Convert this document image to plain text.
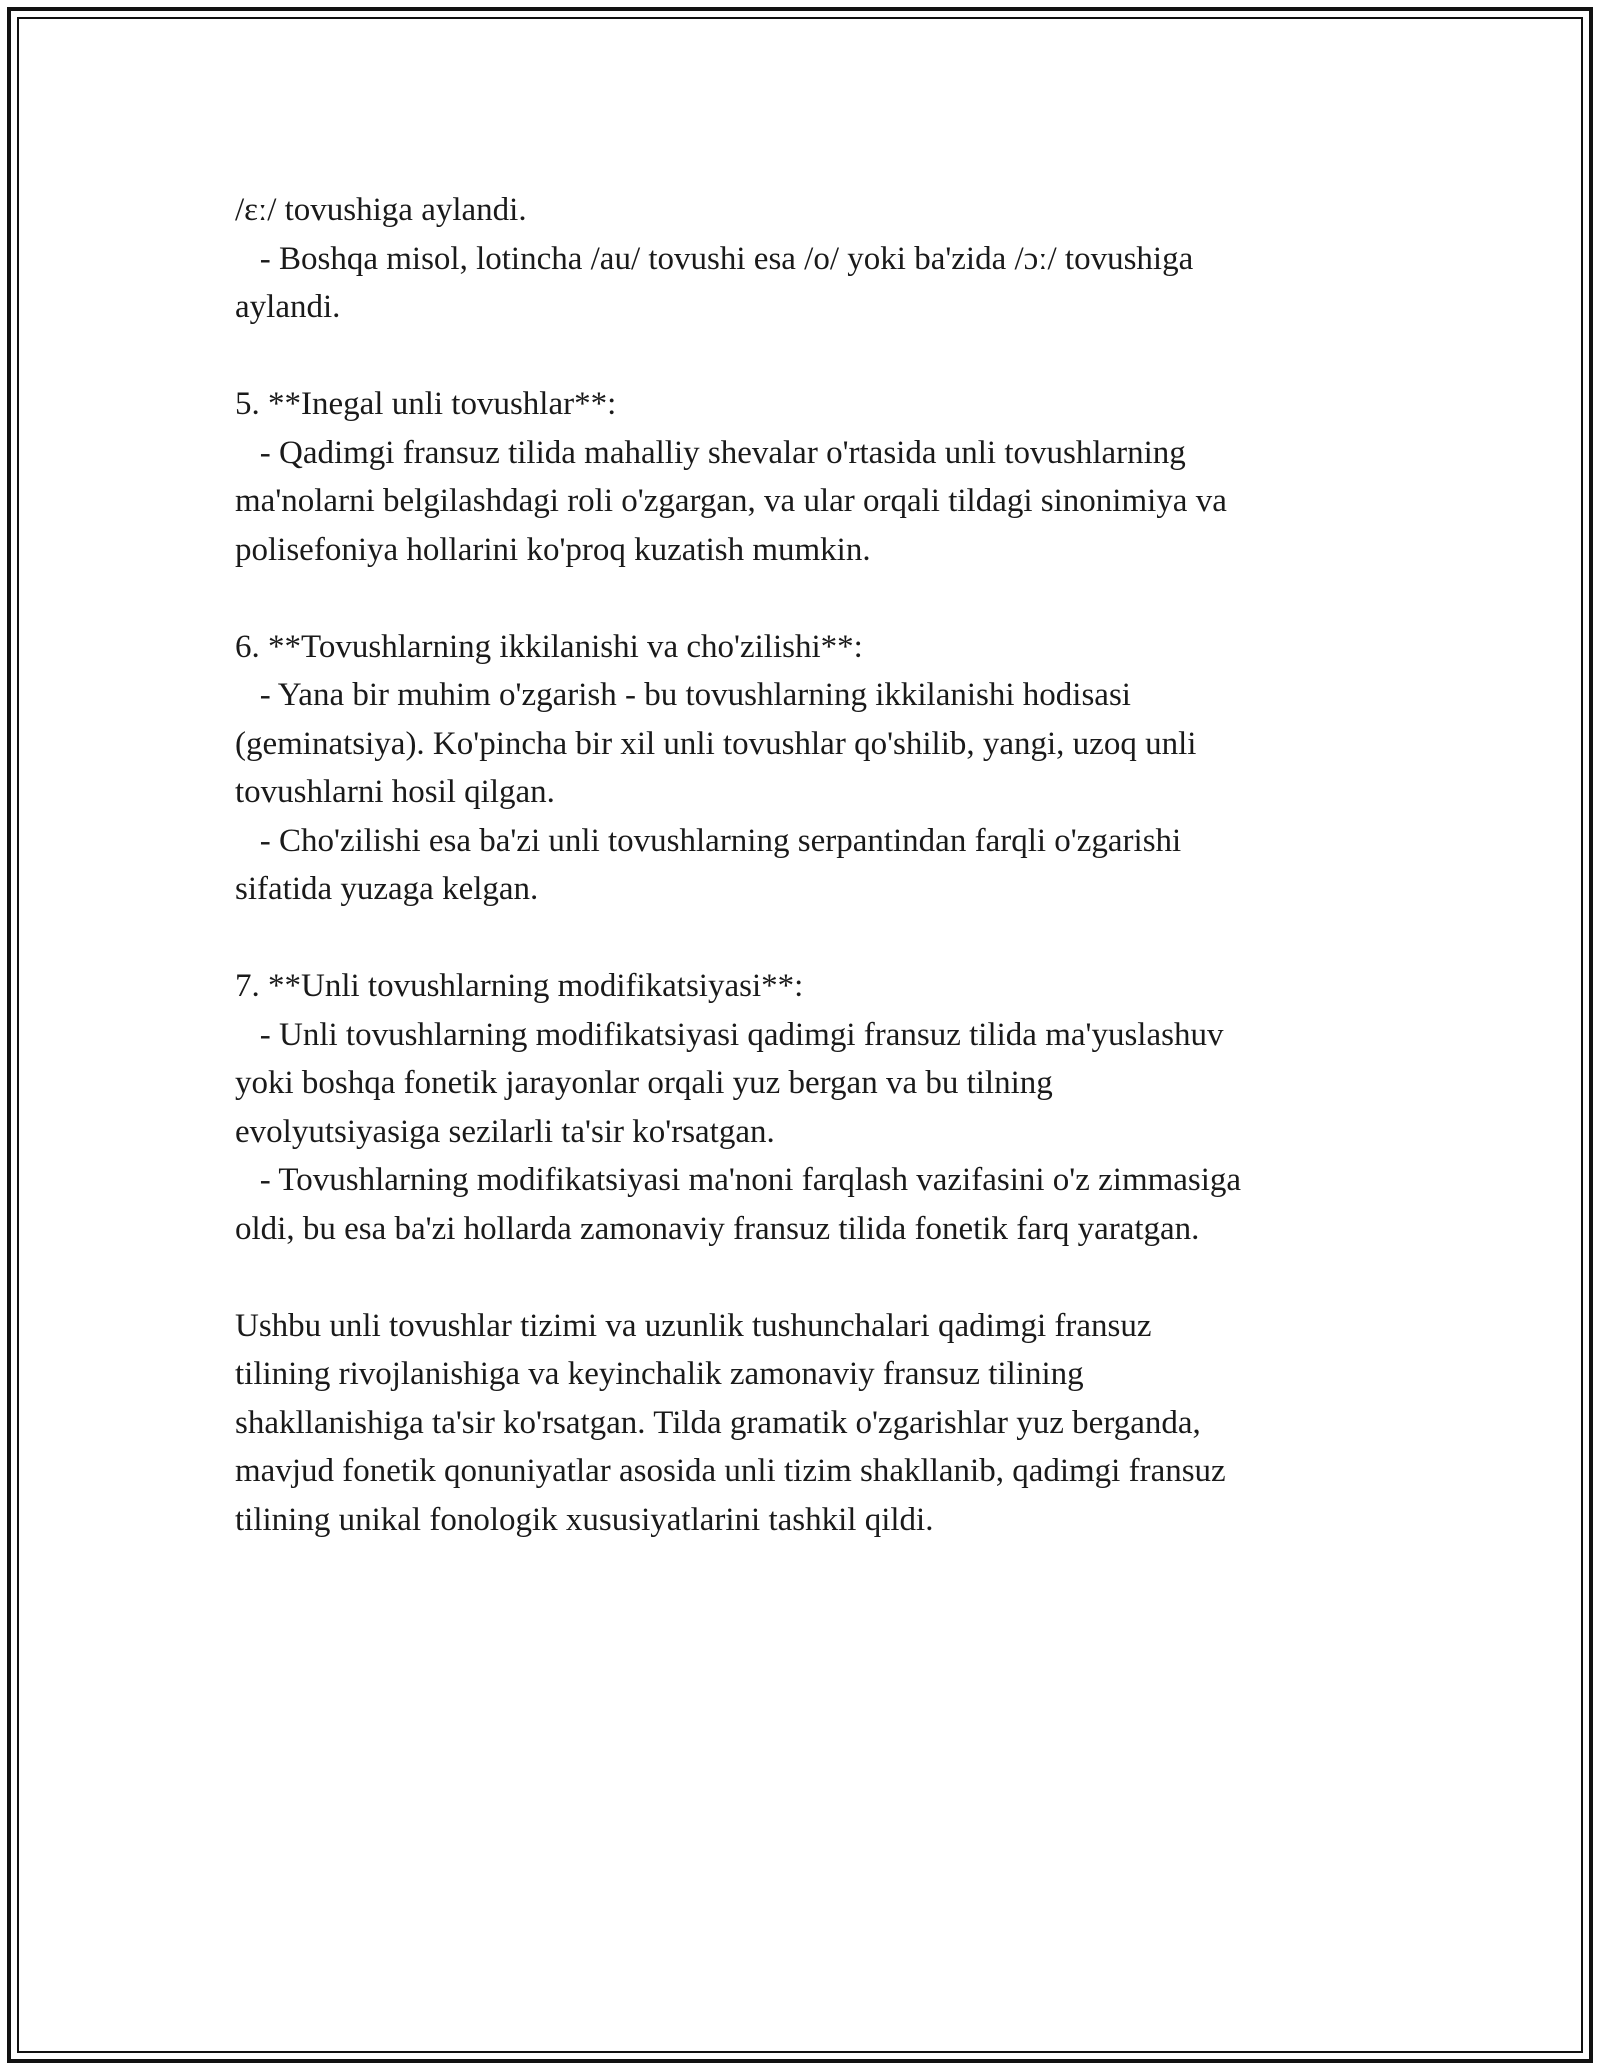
/ɛː/ tovushiga aylandi.
- Boshqa misol, lotincha /au/ tovushi esa /o/ yoki ba'zida /ɔː/ tovushiga
aylandi.
5. **Inegal unli tovushlar**:
- Qadimgi fransuz tilida mahalliy shevalar o'rtasida unli tovushlarning
ma'nolarni belgilashdagi roli o'zgargan, va ular orqali tildagi sinonimiya va
polisefoniya hollarini ko'proq kuzatish mumkin.
6. **Tovushlarning ikkilanishi va cho'zilishi**:
- Yana bir muhim o'zgarish - bu tovushlarning ikkilanishi hodisasi
(geminatsiya). Ko'pincha bir xil unli tovushlar qo'shilib, yangi, uzoq unli
tovushlarni hosil qilgan.
- Cho'zilishi esa ba'zi unli tovushlarning serpantindan farqli o'zgarishi
sifatida yuzaga kelgan.
7. **Unli tovushlarning modifikatsiyasi**:
- Unli tovushlarning modifikatsiyasi qadimgi fransuz tilida ma'yuslashuv
yoki boshqa fonetik jarayonlar orqali yuz bergan va bu tilning
evolyutsiyasiga sezilarli ta'sir ko'rsatgan.
- Tovushlarning modifikatsiyasi ma'noni farqlash vazifasini o'z zimmasiga
oldi, bu esa ba'zi hollarda zamonaviy fransuz tilida fonetik farq yaratgan.
Ushbu unli tovushlar tizimi va uzunlik tushunchalari qadimgi fransuz
tilining rivojlanishiga va keyinchalik zamonaviy fransuz tilining
shakllanishiga ta'sir ko'rsatgan. Tilda gramatik o'zgarishlar yuz berganda,
mavjud fonetik qonuniyatlar asosida unli tizim shakllanib, qadimgi fransuz
tilining unikal fonologik xususiyatlarini tashkil qildi.
